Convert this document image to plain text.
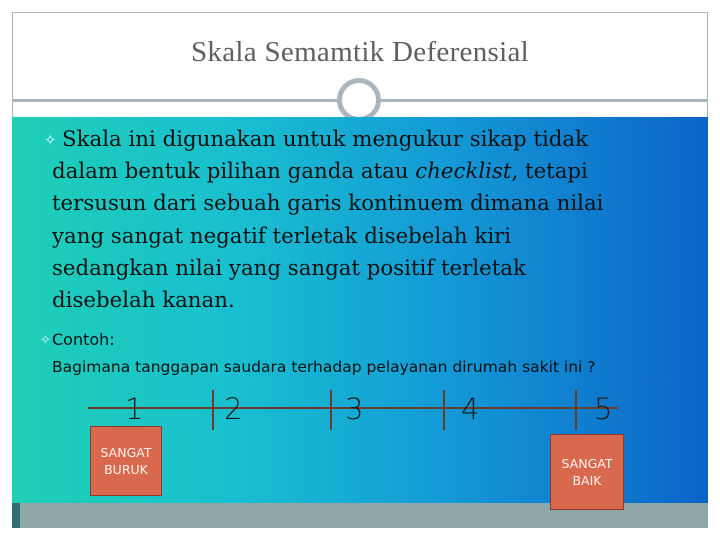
Skala Semamtik Deferensial
✧ Skala ini digunakan untuk mengukur sikap tidak
dalam bentuk pilihan ganda atau checklist, tetapi
tersusun dari sebuah garis kontinuem dimana nilai
yang sangat negatif terletak disebelah kiri
sedangkan nilai yang sangat positif terletak
disebelah kanan.
✧ Contoh:
Bagimana tanggapan saudara terhadap pelayanan dirumah sakit ini ?
1	2	3	4	5
SANGAT
BURUK	SANGAT
BAIK
